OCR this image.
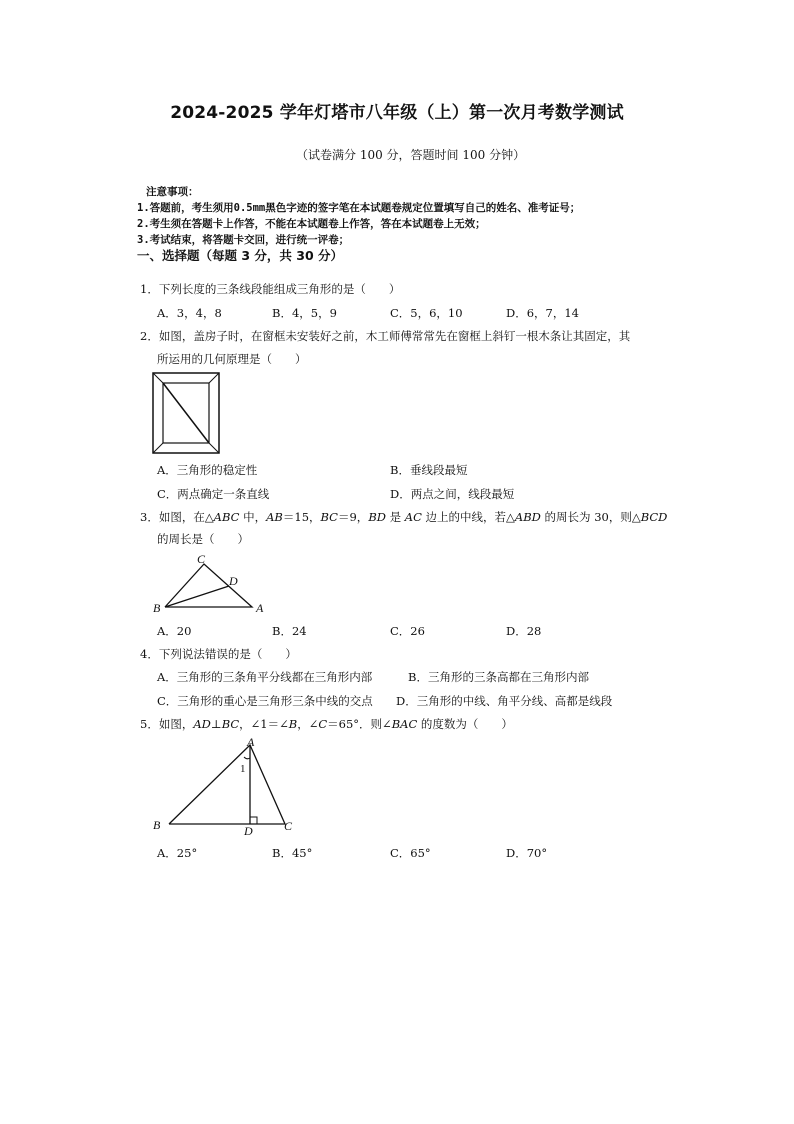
2024-2025 学年灯塔市八年级（上）第一次月考数学测试
（试卷满分 100 分，答题时间 100 分钟）
注意事项：
1.答题前，考生须用0.5mm黑色字迹的签字笔在本试题卷规定位置填写自己的姓名、准考证号；
2.考生须在答题卡上作答，不能在本试题卷上作答，答在本试题卷上无效；
3.考试结束，将答题卡交回，进行统一评卷；
一、选择题（每题 3 分，共 30 分）
1．下列长度的三条线段能组成三角形的是（　　）
A．3，4，8	B．4，5，9	C．5，6，10	D．6，7，14
2．如图，盖房子时，在窗框未安装好之前，木工师傅常常先在窗框上斜钉一根木条让其固定，其
所运用的几何原理是（　　）
A．三角形的稳定性	B．垂线段最短
C．两点确定一条直线	D．两点之间，线段最短
3．如图，在△ABC 中，AB＝15，BC＝9，BD 是 AC 边上的中线，若△ABD 的周长为 30，则△BCD
的周长是（　　）
C
D
B	A
A．20	B．24	C．26	D．28
4．下列说法错误的是（　　）
A．三角形的三条角平分线都在三角形内部	B．三角形的三条高都在三角形内部
C．三角形的重心是三角形三条中线的交点 D．三角形的中线、角平分线、高都是线段
5．如图，AD⊥BC，∠1＝∠B，∠C＝65°．则∠BAC 的度数为（　　）
A
1
B	D	C
A．25°	B．45°	C．65°	D．70°
